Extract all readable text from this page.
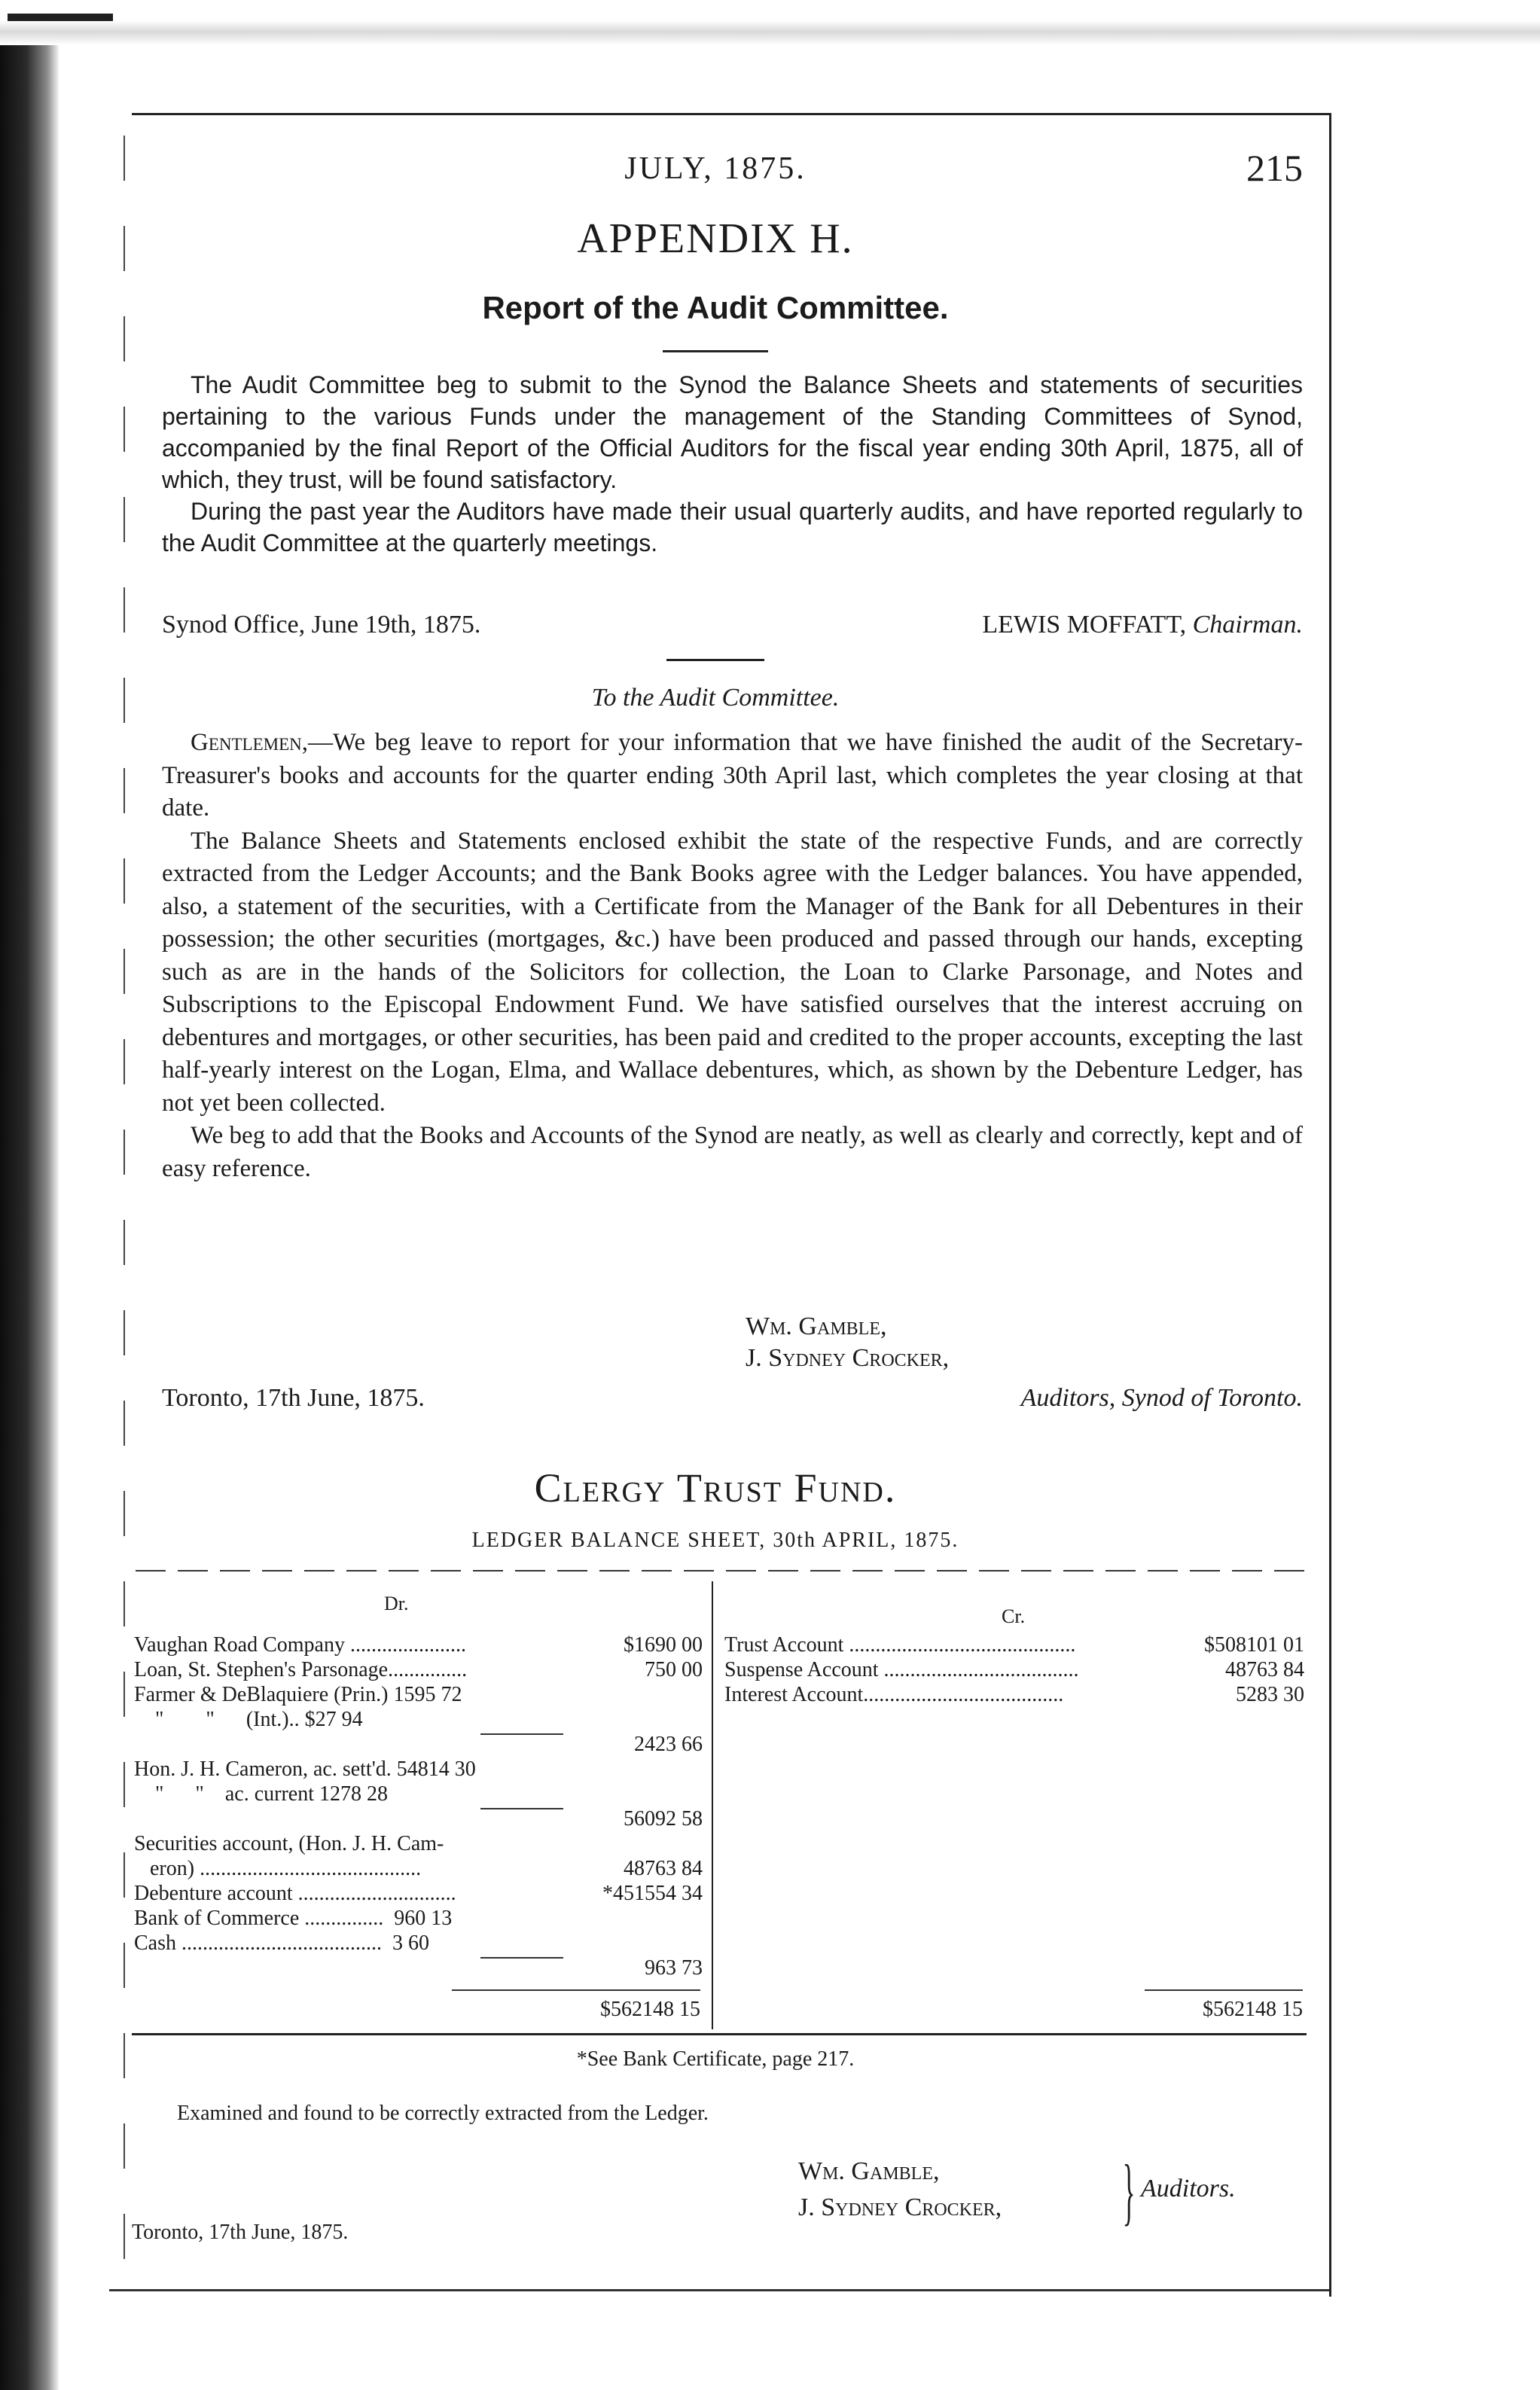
JULY, 1875.	215
APPENDIX H.
Report of the Audit Committee.

The Audit Committee beg to submit to the Synod the Balance Sheets and statements of securities pertaining to the various Funds under the management of the Standing Committees of Synod, accompanied by the final Report of the Official Auditors for the fiscal year ending 30th April, 1875, all of which, they trust, will be found satisfactory.

During the past year the Auditors have made their usual quarterly audits, and have reported regularly to the Audit Committee at the quarterly meetings.

Synod Office, June 19th, 1875.	LEWIS MOFFATT, Chairman.
To the Audit Committee.

Gentlemen,—We beg leave to report for your information that we have finished the audit of the Secretary-Treasurer's books and accounts for the quarter ending 30th April last, which completes the year closing at that date.

The Balance Sheets and Statements enclosed exhibit the state of the respective Funds, and are correctly extracted from the Ledger Accounts; and the Bank Books agree with the Ledger balances. You have appended, also, a statement of the securities, with a Certificate from the Manager of the Bank for all Debentures in their possession; the other securities (mortgages, &c.) have been produced and passed through our hands, excepting such as are in the hands of the Solicitors for collection, the Loan to Clarke Parsonage, and Notes and Subscriptions to the Episcopal Endowment Fund. We have satisfied ourselves that the interest accruing on debentures and mortgages, or other securities, has been paid and credited to the proper accounts, excepting the last half-yearly interest on the Logan, Elma, and Wallace debentures, which, as shown by the Debenture Ledger, has not yet been collected.

We beg to add that the Books and Accounts of the Synod are neatly, as well as clearly and correctly, kept and of easy reference.

Wm. Gamble,
J. Sydney Crocker,
Toronto, 17th June, 1875.	Auditors, Synod of Toronto.
Clergy Trust Fund.
LEDGER BALANCE SHEET, 30th APRIL, 1875.
Dr.
Cr.
Vaughan Road Company ......................	$1690 00
Loan, St. Stephen's Parsonage...............	750 00
Farmer & DeBlaquiere (Prin.) 1595 72
"        "      (Int.).. $27 94
2423 66
Hon. J. H. Cameron, ac. sett'd. 54814 30
"      "    ac. current 1278 28
56092 58
Securities account, (Hon. J. H. Cam-
eron) ..........................................	48763 84
Debenture account ..............................	*451554 34
Bank of Commerce ...............  960 13
Cash ......................................  3 60
963 73
$562148 15
Trust Account ...........................................	$508101 01
Suspense Account .....................................	48763 84
Interest Account......................................	5283 30
$562148 15
*See Bank Certificate, page 217.
Examined and found to be correctly extracted from the Ledger.
Wm. Gamble,
J. Sydney Crocker, } Auditors.
Toronto, 17th June, 1875.
